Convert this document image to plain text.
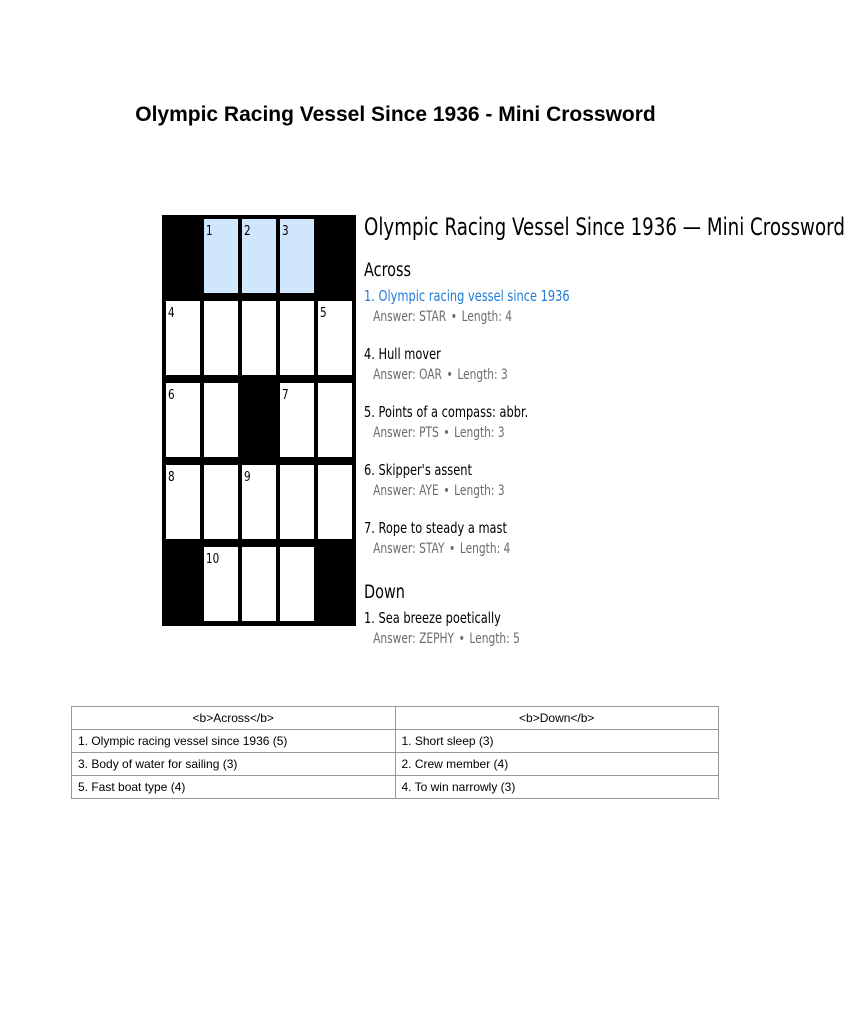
Olympic Racing Vessel Since 1936 - Mini Crossword
1 2 3
4	5
6	7
8	9
10
Olympic Racing Vessel Since 1936 — Mini Crossword
Across
1. Olympic racing vessel since 1936
Answer: STAR • Length: 4
4. Hull mover
Answer: OAR • Length: 3
5. Points of a compass: abbr.
Answer: PTS • Length: 3
6. Skipper's assent
Answer: AYE • Length: 3
7. Rope to steady a mast
Answer: STAY • Length: 4
Down
1. Sea breeze poetically
Answer: ZEPHY • Length: 5
<b>Across</b>	<b>Down</b>
1. Olympic racing vessel since 1936 (5)	1. Short sleep (3)
3. Body of water for sailing (3)	2. Crew member (4)
5. Fast boat type (4)	4. To win narrowly (3)
